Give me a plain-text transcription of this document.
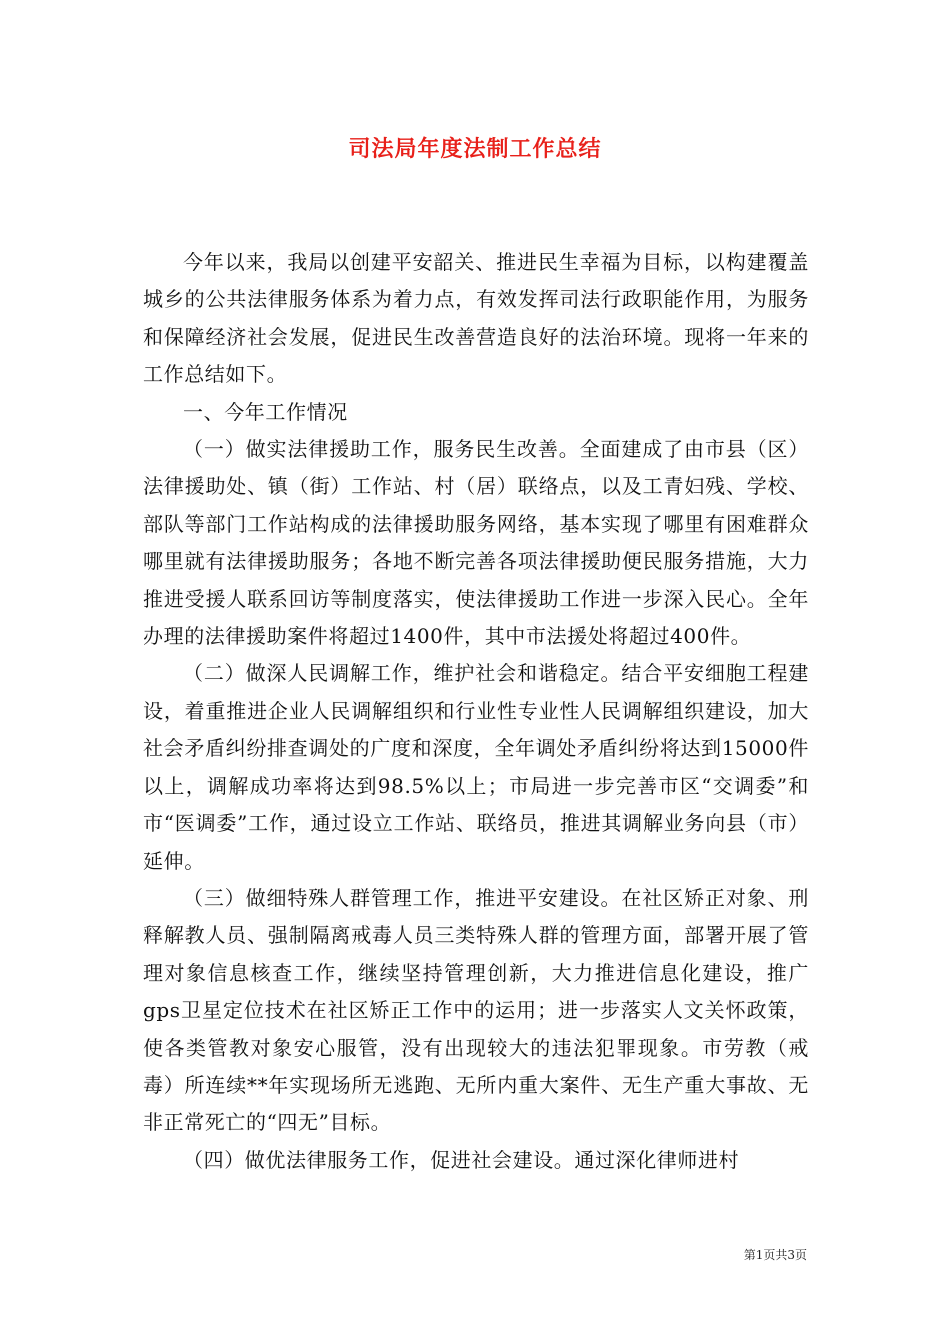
司法局年度法制工作总结

今年以来，我局以创建平安韶关、推进民生幸福为目标，以构建覆盖城乡的公共法律服务体系为着力点，有效发挥司法行政职能作用，为服务和保障经济社会发展，促进民生改善营造良好的法治环境。现将一年来的工作总结如下。

一、今年工作情况

（一）做实法律援助工作，服务民生改善。全面建成了由市县（区）法律援助处、镇（街）工作站、村（居）联络点，以及工青妇残、学校、部队等部门工作站构成的法律援助服务网络，基本实现了哪里有困难群众哪里就有法律援助服务；各地不断完善各项法律援助便民服务措施，大力推进受援人联系回访等制度落实，使法律援助工作进一步深入民心。全年办理的法律援助案件将超过1400件，其中市法援处将超过400件。

（二）做深人民调解工作，维护社会和谐稳定。结合平安细胞工程建设，着重推进企业人民调解组织和行业性专业性人民调解组织建设，加大社会矛盾纠纷排查调处的广度和深度，全年调处矛盾纠纷将达到15000件以上，调解成功率将达到98.5%以上；市局进一步完善市区“交调委”和市“医调委”工作，通过设立工作站、联络员，推进其调解业务向县（市）延伸。

（三）做细特殊人群管理工作，推进平安建设。在社区矫正对象、刑释解教人员、强制隔离戒毒人员三类特殊人群的管理方面，部署开展了管理对象信息核查工作，继续坚持管理创新，大力推进信息化建设，推广gps卫星定位技术在社区矫正工作中的运用；进一步落实人文关怀政策，使各类管教对象安心服管，没有出现较大的违法犯罪现象。市劳教（戒毒）所连续**年实现场所无逃跑、无所内重大案件、无生产重大事故、无非正常死亡的“四无”目标。

（四）做优法律服务工作，促进社会建设。通过深化律师进村

第1页共3页
